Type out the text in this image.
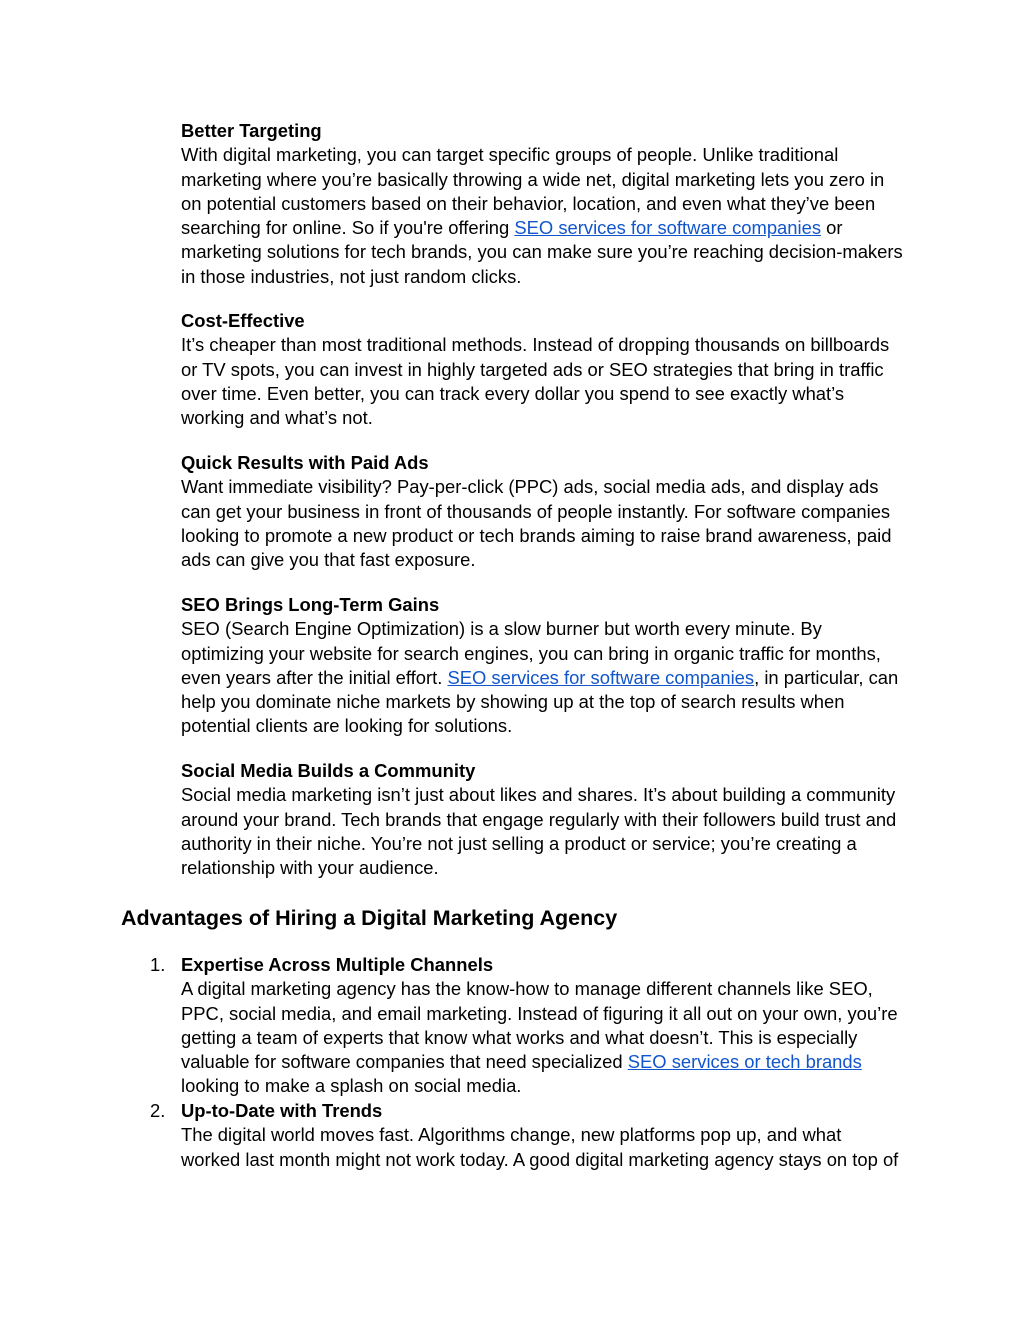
Better Targeting
With digital marketing, you can target specific groups of people. Unlike traditional
marketing where you’re basically throwing a wide net, digital marketing lets you zero in
on potential customers based on their behavior, location, and even what they’ve been
searching for online. So if you're offering SEO services for software companies or
marketing solutions for tech brands, you can make sure you’re reaching decision-makers
in those industries, not just random clicks.
Cost-Effective
It’s cheaper than most traditional methods. Instead of dropping thousands on billboards
or TV spots, you can invest in highly targeted ads or SEO strategies that bring in traffic
over time. Even better, you can track every dollar you spend to see exactly what’s
working and what’s not.
Quick Results with Paid Ads
Want immediate visibility? Pay-per-click (PPC) ads, social media ads, and display ads
can get your business in front of thousands of people instantly. For software companies
looking to promote a new product or tech brands aiming to raise brand awareness, paid
ads can give you that fast exposure.
SEO Brings Long-Term Gains
SEO (Search Engine Optimization) is a slow burner but worth every minute. By
optimizing your website for search engines, you can bring in organic traffic for months,
even years after the initial effort. SEO services for software companies, in particular, can
help you dominate niche markets by showing up at the top of search results when
potential clients are looking for solutions.
Social Media Builds a Community
Social media marketing isn’t just about likes and shares. It’s about building a community
around your brand. Tech brands that engage regularly with their followers build trust and
authority in their niche. You’re not just selling a product or service; you’re creating a
relationship with your audience.
Advantages of Hiring a Digital Marketing Agency
1. Expertise Across Multiple Channels
A digital marketing agency has the know-how to manage different channels like SEO,
PPC, social media, and email marketing. Instead of figuring it all out on your own, you’re
getting a team of experts that know what works and what doesn’t. This is especially
valuable for software companies that need specialized SEO services or tech brands
looking to make a splash on social media.
2. Up-to-Date with Trends
The digital world moves fast. Algorithms change, new platforms pop up, and what
worked last month might not work today. A good digital marketing agency stays on top of
